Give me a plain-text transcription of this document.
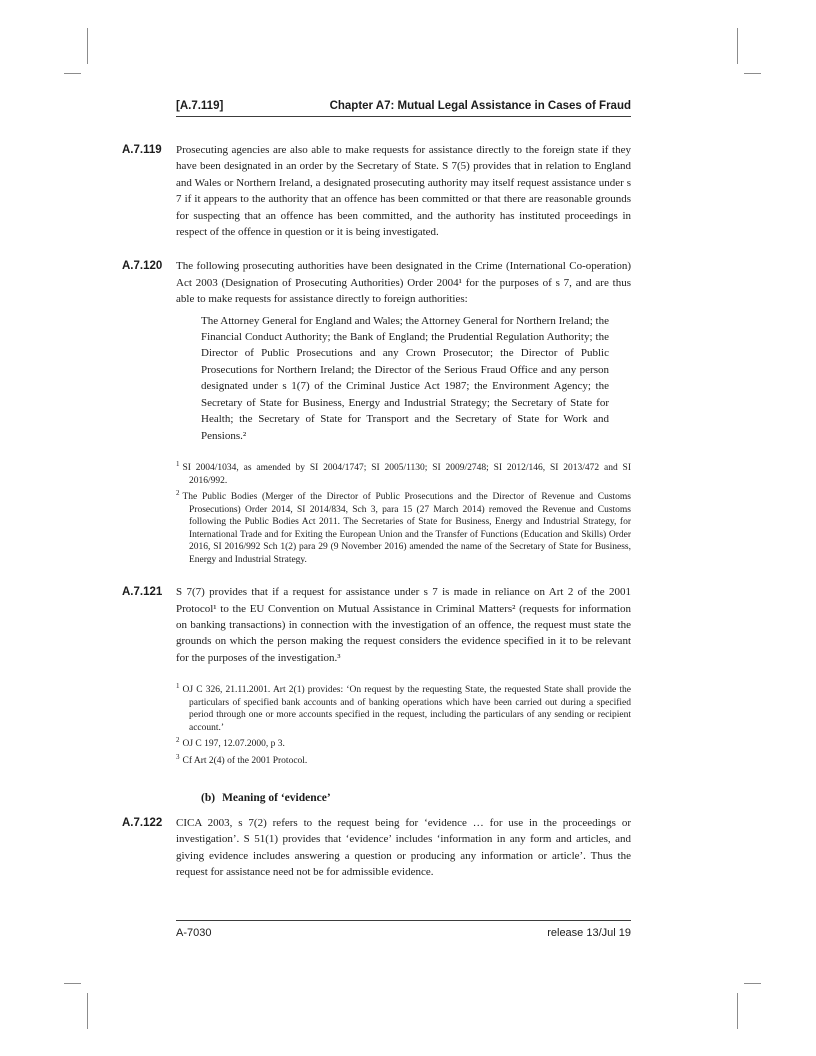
[A.7.119]	Chapter A7: Mutual Legal Assistance in Cases of Fraud
A.7.119	Prosecuting agencies are also able to make requests for assistance directly to the foreign state if they have been designated in an order by the Secretary of State. S 7(5) provides that in relation to England and Wales or Northern Ireland, a designated prosecuting authority may itself request assistance under s 7 if it appears to the authority that an offence has been committed or that there are reasonable grounds for suspecting that an offence has been committed, and the authority has instituted proceedings in respect of the offence in question or it is being investigated.
A.7.120	The following prosecuting authorities have been designated in the Crime (International Co-operation) Act 2003 (Designation of Prosecuting Authorities) Order 2004¹ for the purposes of s 7, and are thus able to make requests for assistance directly to foreign authorities:
The Attorney General for England and Wales; the Attorney General for Northern Ireland; the Financial Conduct Authority; the Bank of England; the Prudential Regulation Authority; the Director of Public Prosecutions and any Crown Prosecutor; the Director of Public Prosecutions for Northern Ireland; the Director of the Serious Fraud Office and any person designated under s 1(7) of the Criminal Justice Act 1987; the Environment Agency; the Secretary of State for Business, Energy and Industrial Strategy; the Secretary of State for Health; the Secretary of State for Transport and the Secretary of State for Work and Pensions.²

$^1$ SI 2004/1034, as amended by SI 2004/1747; SI 2005/1130; SI 2009/2748; SI 2012/146, SI 2013/472 and SI 2016/992.

$^2$ The Public Bodies (Merger of the Director of Public Prosecutions and the Director of Revenue and Customs Prosecutions) Order 2014, SI 2014/834, Sch 3, para 15 (27 March 2014) removed the Revenue and Customs following the Public Bodies Act 2011. The Secretaries of State for Business, Energy and Industrial Strategy, for International Trade and for Exiting the European Union and the Transfer of Functions (Education and Skills) Order 2016, SI 2016/992 Sch 1(2) para 29 (9 November 2016) amended the name of the Secretary of State for Business, Energy and Industrial Strategy.

A.7.121	S 7(7) provides that if a request for assistance under s 7 is made in reliance on Art 2 of the 2001 Protocol¹ to the EU Convention on Mutual Assistance in Criminal Matters² (requests for information on banking transactions) in connection with the investigation of an offence, the request must state the grounds on which the person making the request considers the evidence specified in it to be relevant for the purposes of the investigation.³

$^1$ OJ C 326, 21.11.2001. Art 2(1) provides: ‘On request by the requesting State, the requested State shall provide the particulars of specified bank accounts and of banking operations which have been carried out during a specified period through one or more accounts specified in the request, including the particulars of any sending or recipient account.’

$^2$ OJ C 197, 12.07.2000, p 3.

$^3$ Cf Art 2(4) of the 2001 Protocol.

(b) Meaning of ‘evidence’
A.7.122	CICA 2003, s 7(2) refers to the request being for ‘evidence … for use in the proceedings or investigation’. S 51(1) provides that ‘evidence’ includes ‘information in any form and articles, and giving evidence includes answering a question or producing any information or article’. Thus the request for assistance need not be for admissible evidence.
A-7030	release 13/Jul 19
